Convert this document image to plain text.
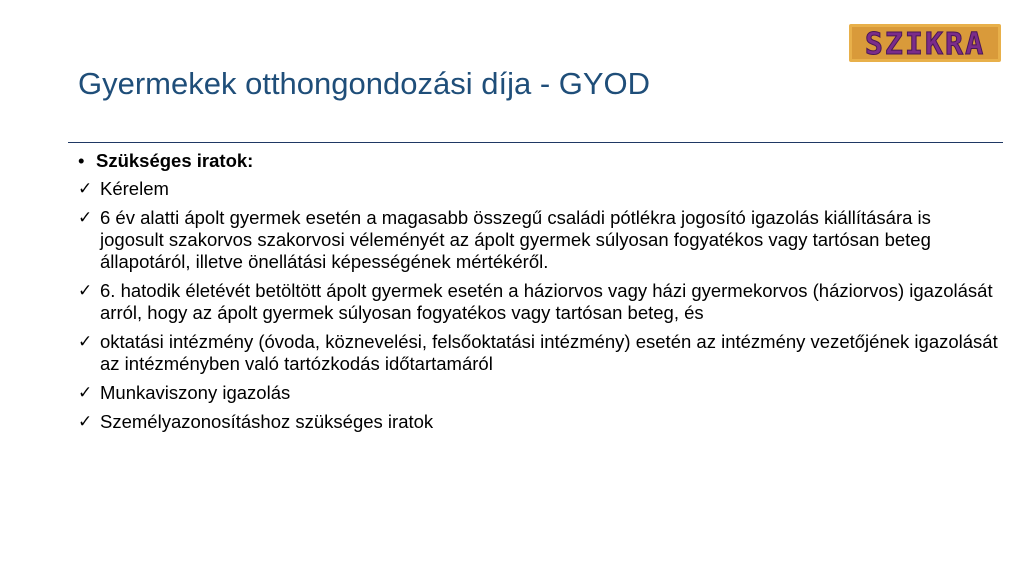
SZIKRA
Gyermekek otthongondozási díja - GYOD
• Szükséges iratok:
✓ Kérelem

✓ 6 év alatti ápolt gyermek esetén a magasabb összegű családi pótlékra jogosító igazolás kiállítására is jogosult szakorvos szakorvosi véleményét az ápolt gyermek súlyosan fogyatékos vagy tartósan beteg állapotáról, illetve önellátási képességének mértékéről.

✓ 6. hatodik életévét betöltött ápolt gyermek esetén a háziorvos vagy házi gyermekorvos (háziorvos) igazolását arról, hogy az ápolt gyermek súlyosan fogyatékos vagy tartósan beteg, és

✓ oktatási intézmény (óvoda, köznevelési, felsőoktatási intézmény) esetén az intézmény vezetőjének igazolását az intézményben való tartózkodás időtartamáról

✓ Munkaviszony igazolás

✓ Személyazonosításhoz szükséges iratok
